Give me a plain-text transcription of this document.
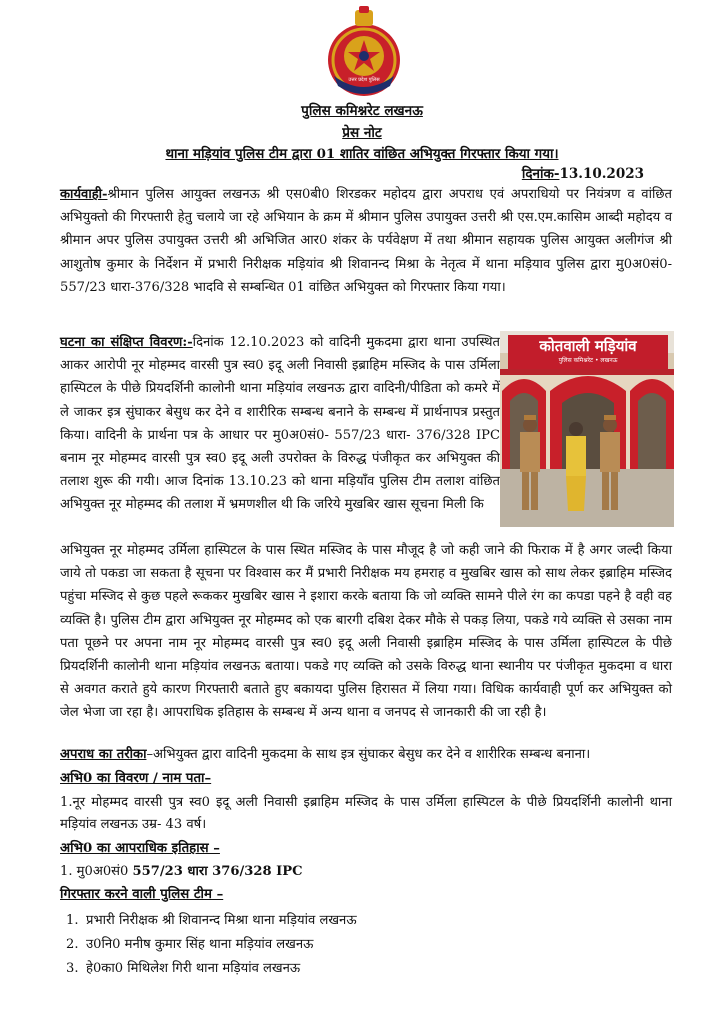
उत्तर प्रदेश पुलिस
पुलिस कमिश्नरेट लखनऊ
प्रेस नोट
थाना मड़ियांव पुलिस टीम द्वारा 01 शातिर वांछित अभियुक्त गिरफ्तार किया गया।
दिनांक-13.10.2023

कार्यवाही-श्रीमान पुलिस आयुक्त लखनऊ श्री एस0बी0 शिरडकर महोदय द्वारा अपराध एवं अपराधियो पर नियंत्रण व वांछित अभियुक्तो की गिरफ्तारी हेतु चलाये जा रहे अभियान के क्रम में श्रीमान पुलिस उपायुक्त उत्तरी श्री एस.एम.कासिम आब्दी महोदय व श्रीमान अपर पुलिस उपायुक्त उत्तरी श्री अभिजित आर0 शंकर के पर्यवेक्षण में तथा श्रीमान सहायक पुलिस आयुक्त अलीगंज श्री आशुतोष कुमार के निर्देशन में प्रभारी निरीक्षक मड़ियांव श्री शिवानन्द मिश्रा के नेतृत्व में थाना मड़ियाव पुलिस द्वारा मु0अ0सं0-557/23 धारा-376/328 भादवि से सम्बन्धित 01 वांछित अभियुक्त को गिरफ्तार किया गया।

घटना का संक्षिप्त विवरण:-दिनांक 12.10.2023 को वादिनी मुकदमा द्वारा थाना उपस्थित आकर आरोपी नूर मोहम्मद वारसी पुत्र स्व0 इदू अली निवासी इब्राहिम मस्जिद के पास उर्मिला हास्पिटल के पीछे प्रियदर्शिनी कालोनी थाना मड़ियांव लखनऊ द्वारा वादिनी/पीडिता को कमरे में ले जाकर इत्र सुंघाकर बेसुध कर देने व शारीरिक सम्बन्ध बनाने के सम्बन्ध में प्रार्थनापत्र प्रस्तुत किया। वादिनी के प्रार्थना पत्र के आधार पर मु0अ0सं0- 557/23 धारा- 376/328 IPC बनाम नूर मोहम्मद वारसी पुत्र स्व0 इदू अली उपरोक्त के विरुद्ध पंजीकृत कर अभियुक्त की तलाश शुरू की गयी। आज दिनांक 13.10.23 को थाना मड़ियाँव पुलिस टीम तलाश वांछित अभियुक्त नूर मोहम्मद की तलाश में भ्रमणशील थी कि जरिये मुखबिर खास सूचना मिली कि

कोतवाली मड़ियांव
पुलिस कमिश्नरेट • लखनऊ

अभियुक्त नूर मोहम्मद उर्मिला हास्पिटल के पास स्थित मस्जिद के पास मौजूद है जो कही जाने की फिराक में है अगर जल्दी किया जाये तो पकडा जा सकता है सूचना पर विश्वास कर मैं प्रभारी निरीक्षक मय हमराह व मुखबिर खास को साथ लेकर इब्राहिम मस्जिद पहुंचा मस्जिद से कुछ पहले रूककर मुखबिर खास ने इशारा करके बताया कि जो व्यक्ति सामने पीले रंग का कपडा पहने है वही वह व्यक्ति है। पुलिस टीम द्वारा अभियुक्त नूर मोहम्मद को एक बारगी दबिश देकर मौके से पकड़ लिया, पकडे गये व्यक्ति से उसका नाम पता पूछने पर अपना नाम नूर मोहम्मद वारसी पुत्र स्व0 इदू अली निवासी इब्राहिम मस्जिद के पास उर्मिला हास्पिटल के पीछे प्रियदर्शिनी कालोनी थाना मड़ियांव लखनऊ बताया। पकडे गए व्यक्ति को उसके विरुद्ध थाना स्थानीय पर पंजीकृत मुकदमा व धारा से अवगत कराते हुये कारण गिरफ्तारी बताते हुए बकायदा पुलिस हिरासत में लिया गया। विधिक कार्यवाही पूर्ण कर अभियुक्त को जेल भेजा जा रहा है। आपराधिक इतिहास के सम्बन्ध में अन्य थाना व जनपद से जानकारी की जा रही है।

अपराध का तरीका–अभियुक्त द्वारा वादिनी मुकदमा के साथ इत्र सुंघाकर बेसुध कर देने व शारीरिक सम्बन्ध बनाना।
अभि0 का विवरण / नाम पता–

1.नूर मोहम्मद वारसी पुत्र स्व0 इदू अली निवासी इब्राहिम मस्जिद के पास उर्मिला हास्पिटल के पीछे प्रियदर्शिनी कालोनी थाना मड़ियांव लखनऊ उम्र- 43 वर्ष।

अभि0 का आपराधिक इतिहास –
1. मु0अ0सं0 557/23 धारा 376/328 IPC
गिरफ्तार करने वाली पुलिस टीम –
1. प्रभारी निरीक्षक श्री शिवानन्द मिश्रा थाना मड़ियांव लखनऊ
2. उ0नि0 मनीष कुमार सिंह थाना मड़ियांव लखनऊ
3. हे0का0 मिथिलेश गिरी थाना मड़ियांव लखनऊ
